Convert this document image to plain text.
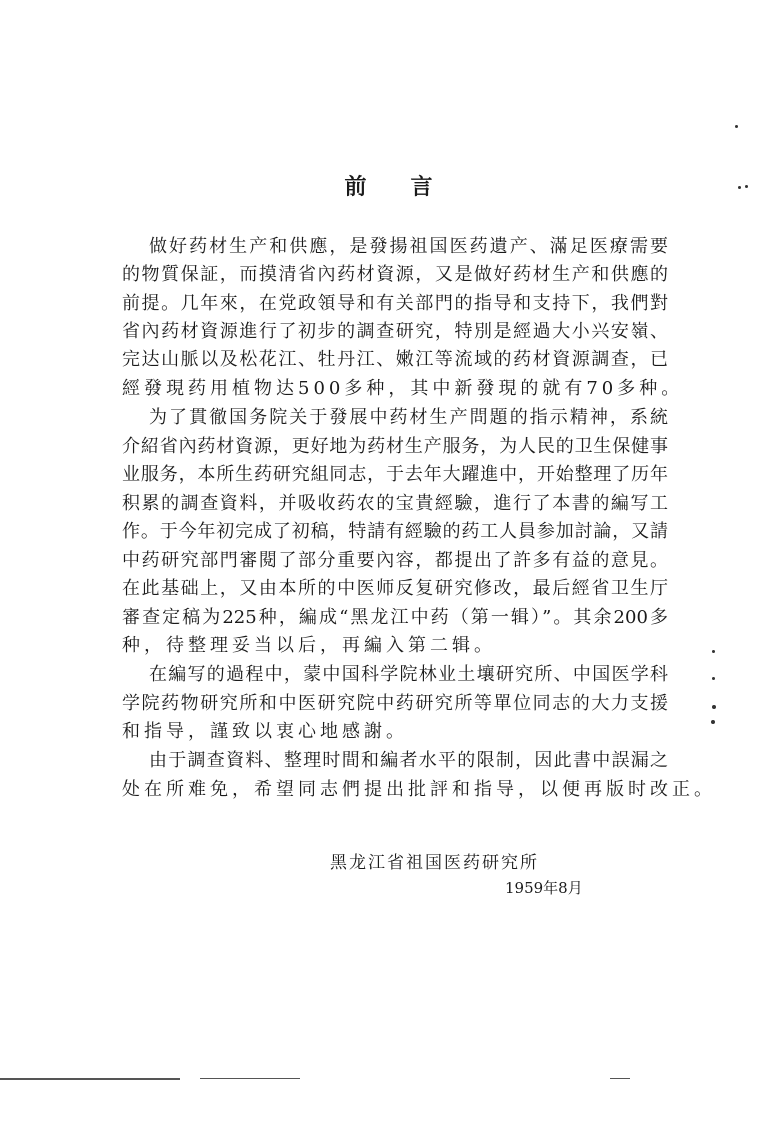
前言
做好药材生产和供應，是發揚祖国医药遺产、滿足医療需要
的物質保証，而摸清省內药材資源，又是做好药材生产和供應的
前提。几年來，在党政領导和有关部門的指导和支持下，我們對
省內药材資源進行了初步的調查研究，特別是經過大小兴安嶺、
完达山脈以及松花江、牡丹江、嫩江等流域的药材資源調查，已
經發現药用植物达500多种，其中新發現的就有70多种。
为了貫徹国务院关于發展中药材生产問題的指示精神，系統
介紹省內药材資源，更好地为药材生产服务，为人民的卫生保健事
业服务，本所生药研究組同志，于去年大躍進中，开始整理了历年
积累的調查資料，并吸收药农的宝貴經驗，進行了本書的編写工
作。于今年初完成了初稿，特請有經驗的药工人員参加討論，又請
中药研究部門審閱了部分重要內容，都提出了許多有益的意見。
在此基础上，又由本所的中医师反复研究修改，最后經省卫生厅
審查定稿为225种，編成“黑龙江中药（第一辑）”。其余200多
种，待整理妥当以后，再編入第二辑。
在編写的過程中，蒙中国科学院林业土壤研究所、中国医学科
学院药物研究所和中医研究院中药研究所等單位同志的大力支援
和指导，謹致以衷心地感謝。
由于調查資料、整理时間和編者水平的限制，因此書中誤漏之
处在所难免，希望同志們提出批評和指导，以便再版时改正。
黑龙江省祖国医药研究所
1959年8月
